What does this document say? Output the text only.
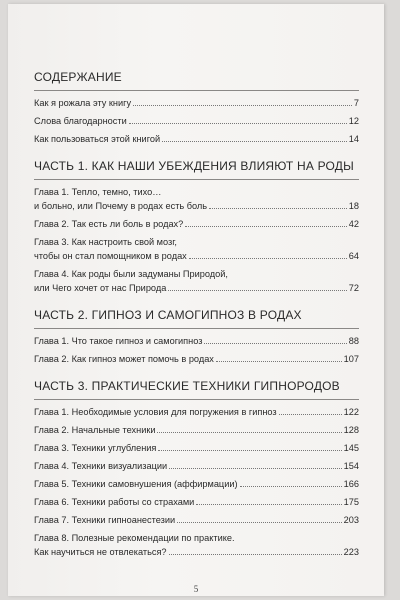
СОДЕРЖАНИЕ
Как я рожала эту книгу	7
Слова благодарности	12
Как пользоваться этой книгой	14
ЧАСТЬ 1. КАК НАШИ УБЕЖДЕНИЯ ВЛИЯЮТ НА РОДЫ
Глава 1. Тепло, темно, тихо…
и больно, или Почему в родах есть боль	18
Глава 2. Так есть ли боль в родах?	42
Глава 3. Как настроить свой мозг,
чтобы он стал помощником в родах	64
Глава 4. Как роды были задуманы Природой,
или Чего хочет от нас Природа	72
ЧАСТЬ 2. ГИПНОЗ И САМОГИПНОЗ В РОДАХ
Глава 1. Что такое гипноз и самогипноз	88
Глава 2. Как гипноз может помочь в родах	107
ЧАСТЬ 3. ПРАКТИЧЕСКИЕ ТЕХНИКИ ГИПНОРОДОВ
Глава 1. Необходимые условия для погружения в гипноз	122
Глава 2. Начальные техники	128
Глава 3. Техники углубления	145
Глава 4. Техники визуализации	154
Глава 5. Техники самовнушения (аффирмации)	166
Глава 6. Техники работы со страхами	175
Глава 7. Техники гипноанестезии	203
Глава 8. Полезные рекомендации по практике.
Как научиться не отвлекаться?	223
5
